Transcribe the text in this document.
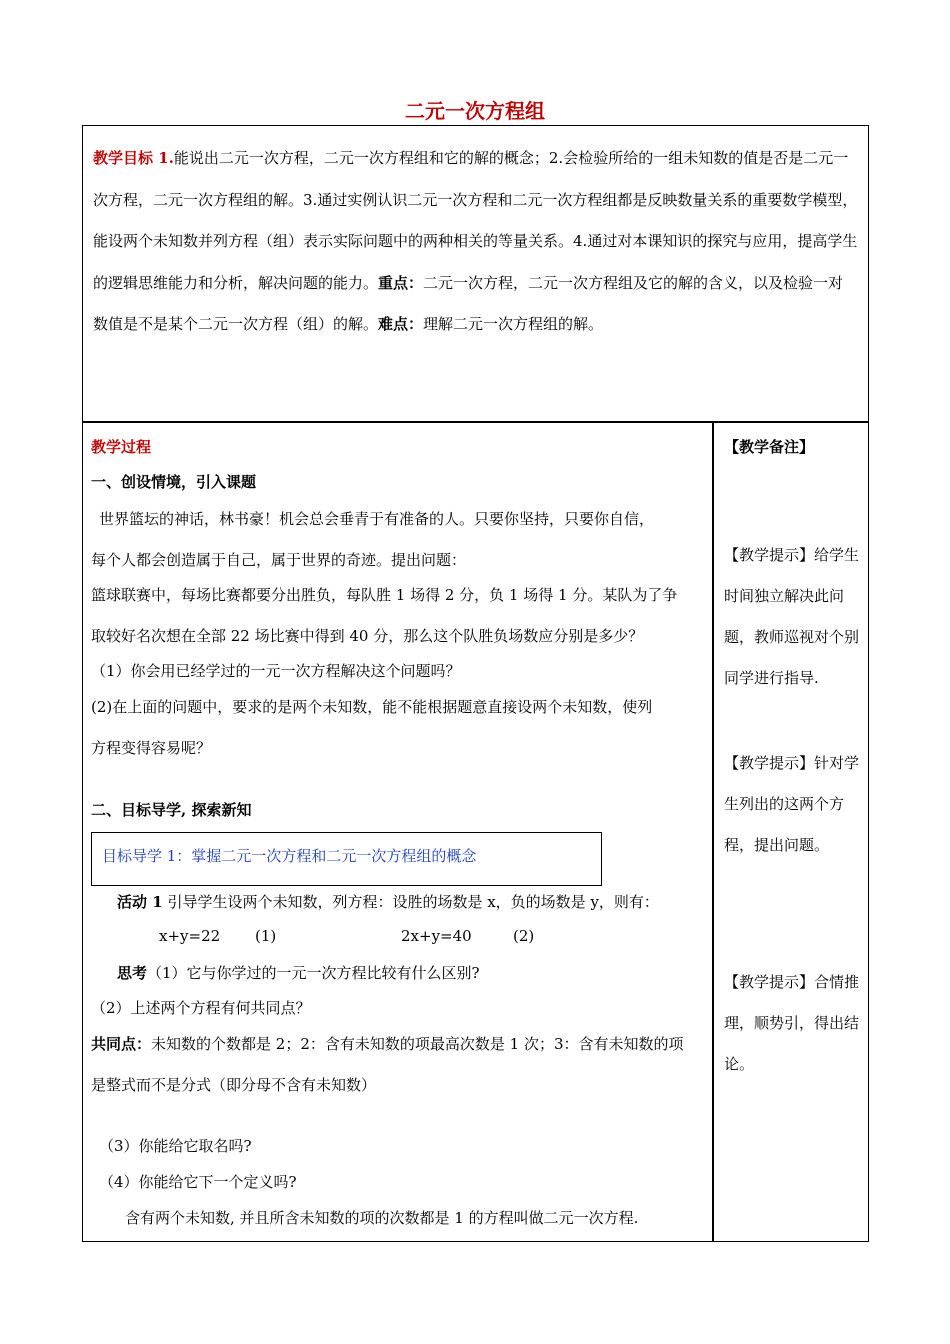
二元一次方程组
教学目标 1.能说出二元一次方程，二元一次方程组和它的解的概念；2.会检验所给的一组未知数的值是否是二元一次方程，二元一次方程组的解。3.通过实例认识二元一次方程和二元一次方程组都是反映数量关系的重要数学模型，能设两个未知数并列方程（组）表示实际问题中的两种相关的等量关系。4.通过对本课知识的探究与应用，提高学生的逻辑思维能力和分析，解决问题的能力。重点：二元一次方程，二元一次方程组及它的解的含义，以及检验一对数值是不是某个二元一次方程（组）的解。难点：理解二元一次方程组的解。
教学过程
一、创设情境，引入课题
世界篮坛的神话，林书豪！机会总会垂青于有准备的人。只要你坚持，只要你自信，
每个人都会创造属于自己，属于世界的奇迹。提出问题：
篮球联赛中，每场比赛都要分出胜负，每队胜 1 场得 2 分，负 1 场得 1 分。某队为了争
取较好名次想在全部 22 场比赛中得到 40 分，那么这个队胜负场数应分别是多少？
（1）你会用已经学过的一元一次方程解决这个问题吗？
(2)在上面的问题中，要求的是两个未知数，能不能根据题意直接设两个未知数，使列
方程变得容易呢？
二、目标导学, 探索新知
目标导学 1：掌握二元一次方程和二元一次方程组的概念
活动 1 引导学生设两个未知数，列方程：设胜的场数是 x，负的场数是 y，则有：
x+y=22 (1)	2x+y=40	(2)
思考（1）它与你学过的一元一次方程比较有什么区别?
（2）上述两个方程有何共同点？
共同点：未知数的个数都是 2；2：含有未知数的项最高次数是 1 次；3：含有未知数的项
是整式而不是分式（即分母不含有未知数）
（3）你能给它取名吗?
（4）你能给它下一个定义吗?
含有两个未知数, 并且所含未知数的项的次数都是 1 的方程叫做二元一次方程.
【教学备注】
【教学提示】给学生时间独立解决此问题，教师巡视对个别同学进行指导.
【教学提示】针对学生列出的这两个方程，提出问题。
【教学提示】合情推理，顺势引，得出结论。
